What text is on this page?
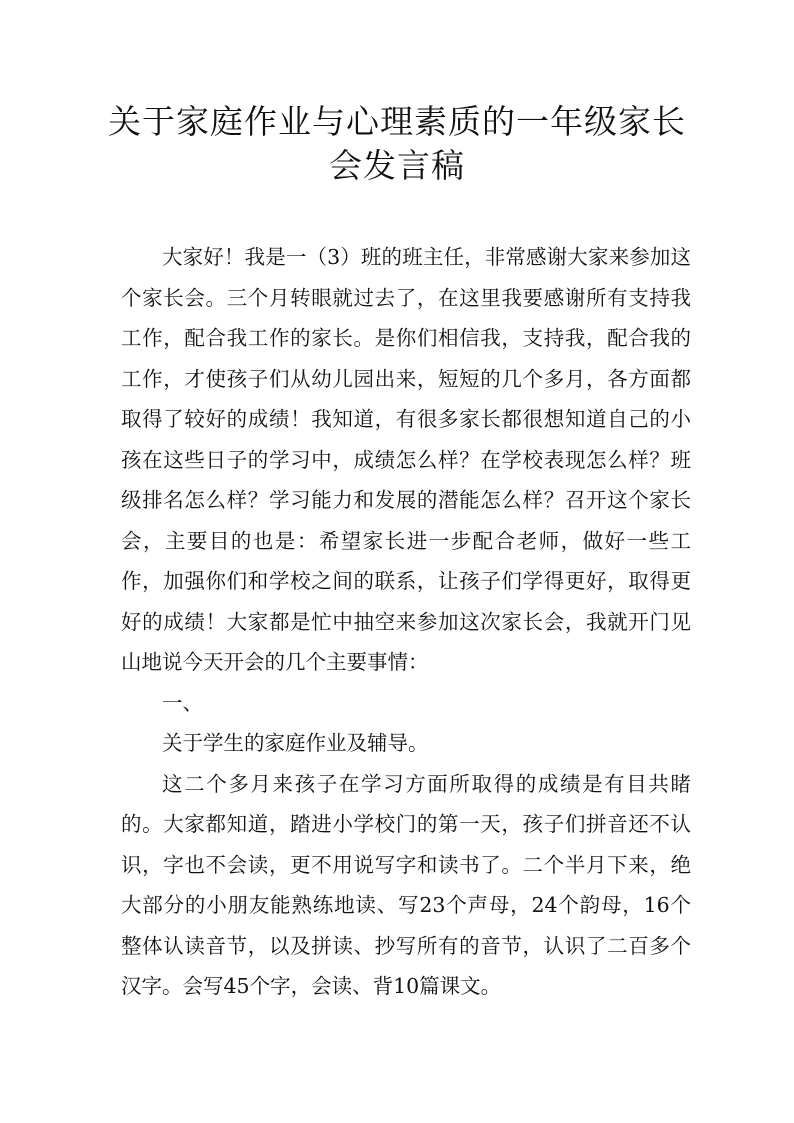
关于家庭作业与心理素质的一年级家长
会发言稿

大家好！我是一（3）班的班主任，非常感谢大家来参加这个家长会。三个月转眼就过去了，在这里我要感谢所有支持我工作，配合我工作的家长。是你们相信我，支持我，配合我的工作，才使孩子们从幼儿园出来，短短的几个多月，各方面都取得了较好的成绩！我知道，有很多家长都很想知道自己的小孩在这些日子的学习中，成绩怎么样？在学校表现怎么样？班级排名怎么样？学习能力和发展的潜能怎么样？召开这个家长会，主要目的也是：希望家长进一步配合老师，做好一些工作，加强你们和学校之间的联系，让孩子们学得更好，取得更好的成绩！大家都是忙中抽空来参加这次家长会，我就开门见山地说今天开会的几个主要事情：

一、

关于学生的家庭作业及辅导。

这二个多月来孩子在学习方面所取得的成绩是有目共睹的。大家都知道，踏进小学校门的第一天，孩子们拼音还不认识，字也不会读，更不用说写字和读书了。二个半月下来，绝大部分的小朋友能熟练地读、写23个声母，24个韵母，16个整体认读音节，以及拼读、抄写所有的音节，认识了二百多个汉字。会写45个字，会读、背10篇课文。
